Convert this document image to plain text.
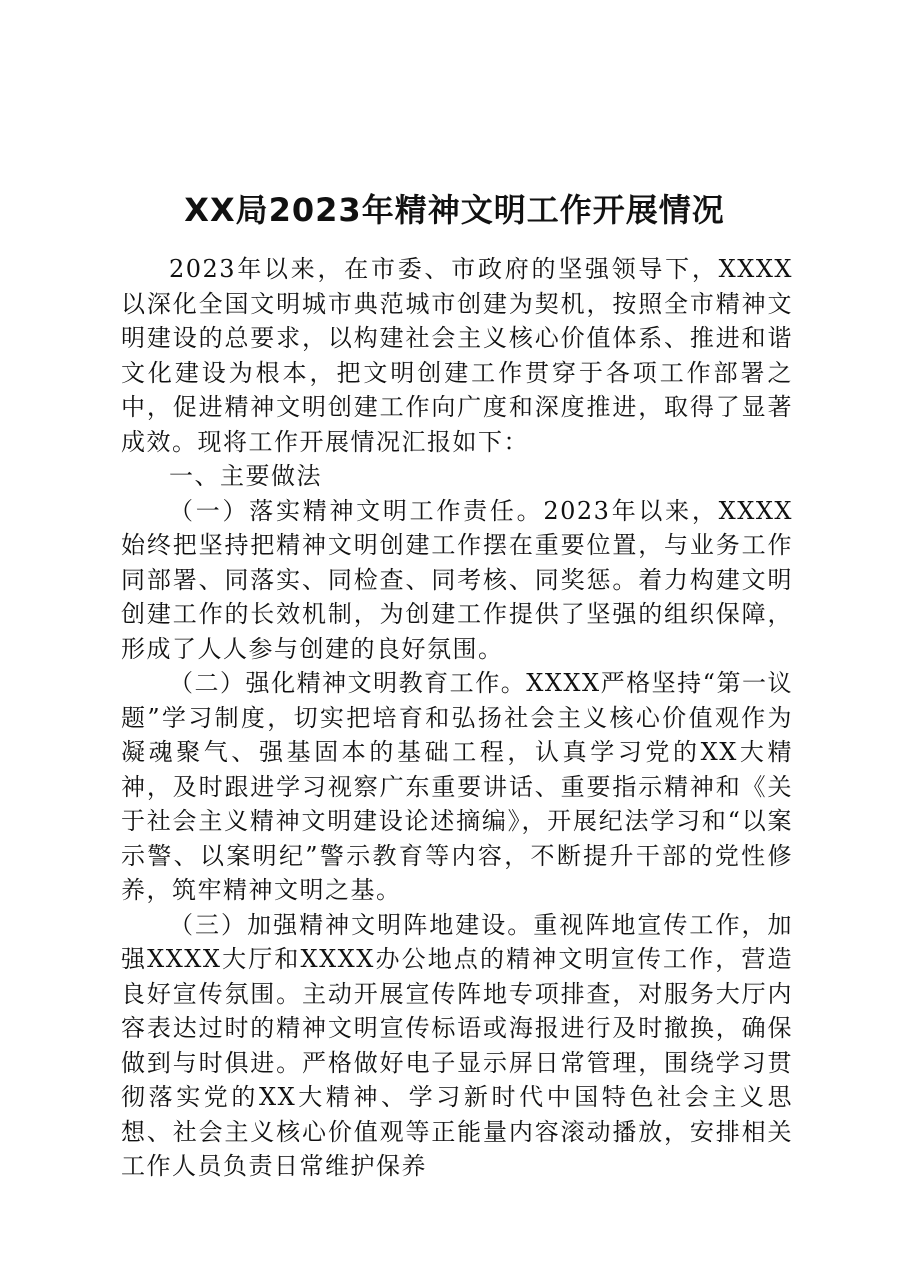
XX局2023年精神文明工作开展情况

2023年以来，在市委、市政府的坚强领导下，XXXX以深化全国文明城市典范城市创建为契机，按照全市精神文明建设的总要求，以构建社会主义核心价值体系、推进和谐文化建设为根本，把文明创建工作贯穿于各项工作部署之中，促进精神文明创建工作向广度和深度推进，取得了显著成效。现将工作开展情况汇报如下：

一、主要做法

（一）落实精神文明工作责任。2023年以来，XXXX始终把坚持把精神文明创建工作摆在重要位置，与业务工作同部署、同落实、同检查、同考核、同奖惩。着力构建文明创建工作的长效机制，为创建工作提供了坚强的组织保障，形成了人人参与创建的良好氛围。

（二）强化精神文明教育工作。XXXX严格坚持“第一议题”学习制度，切实把培育和弘扬社会主义核心价值观作为凝魂聚气、强基固本的基础工程，认真学习党的XX大精神，及时跟进学习视察广东重要讲话、重要指示精神和《关于社会主义精神文明建设论述摘编》，开展纪法学习和“以案示警、以案明纪”警示教育等内容，不断提升干部的党性修养，筑牢精神文明之基。

（三）加强精神文明阵地建设。重视阵地宣传工作，加强XXXX大厅和XXXX办公地点的精神文明宣传工作，营造良好宣传氛围。主动开展宣传阵地专项排查，对服务大厅内容表达过时的精神文明宣传标语或海报进行及时撤换，确保做到与时俱进。严格做好电子显示屏日常管理，围绕学习贯彻落实党的XX大精神、学习新时代中国特色社会主义思想、社会主义核心价值观等正能量内容滚动播放，安排相关工作人员负责日常维护保养
